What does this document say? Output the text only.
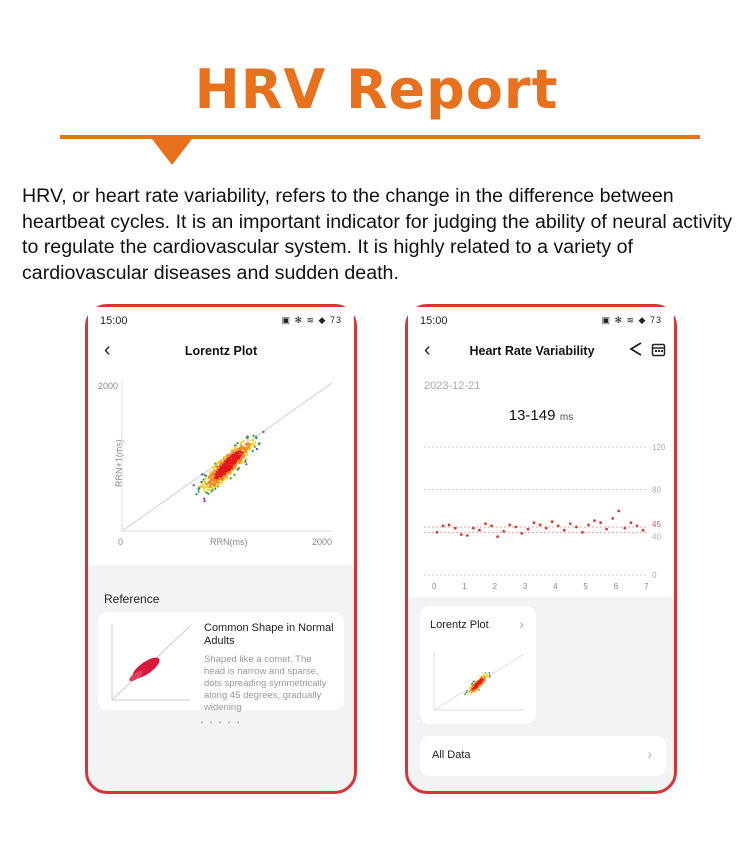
HRV Report
HRV, or heart rate variability, refers to the change in the difference between heartbeat cycles. It is an important indicator for judging the ability of neural activity to regulate the cardiovascular system. It is highly related to a variety of cardiovascular diseases and sudden death.
15:00	▣ ✻ ≋ ◆ 73
‹	Lorentz Plot
2000
0	2000
RRN(ms)
RRN+1(ms)
Reference
Common Shape in Normal Adults
Shaped like a comet. The head is narrow and sparse, dots spreading symmetrically along 45 degrees, gradually widening
• • • • •
15:00	▣ ✻ ≋ ◆ 73
‹	Heart Rate Variability
2023-12-21
13-149 ms
120
80
45
40
0
0	1	2	3	4	5	6	7
Lorentz Plot ›
All Data	›
